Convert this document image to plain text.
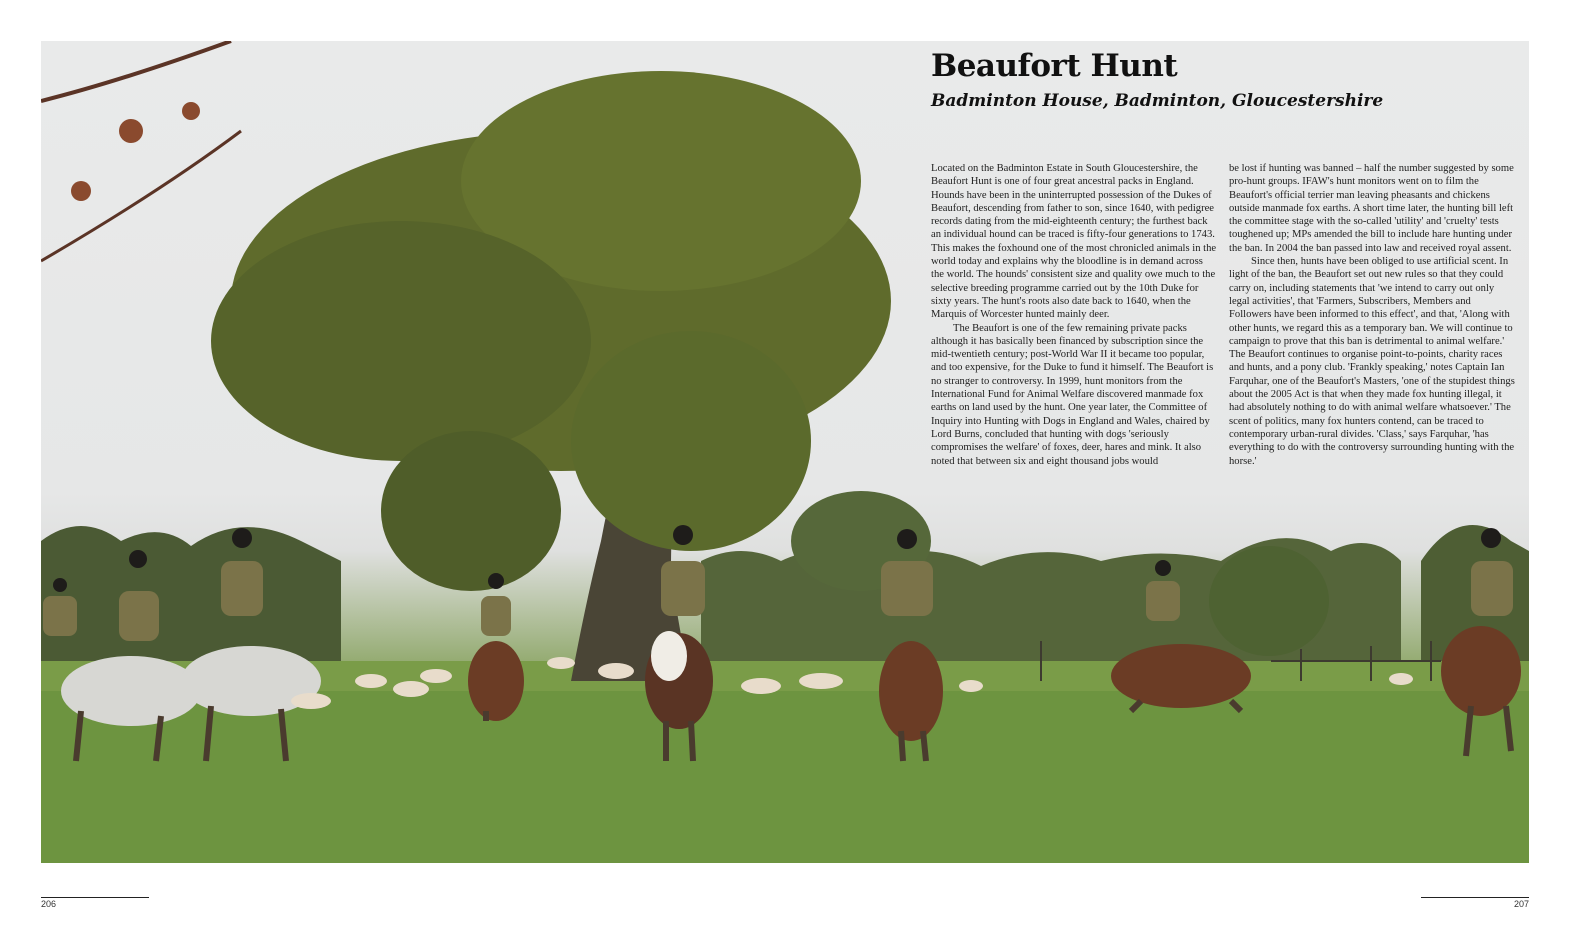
Beaufort Hunt
Badminton House, Badminton, Gloucestershire

Located on the Badminton Estate in South Gloucestershire, the Beaufort Hunt is one of four great ancestral packs in England. Hounds have been in the uninterrupted possession of the Dukes of Beaufort, descending from father to son, since 1640, with pedigree records dating from the mid-eighteenth century; the furthest back an individual hound can be traced is fifty-four generations to 1743. This makes the foxhound one of the most chronicled animals in the world today and explains why the bloodline is in demand across the world. The hounds' consistent size and quality owe much to the selective breeding programme carried out by the 10th Duke for sixty years. The hunt's roots also date back to 1640, when the Marquis of Worcester hunted mainly deer.

The Beaufort is one of the few remaining private packs although it has basically been financed by subscription since the mid-twentieth century; post-World War II it became too popular, and too expensive, for the Duke to fund it himself. The Beaufort is no stranger to controversy. In 1999, hunt monitors from the International Fund for Animal Welfare discovered manmade fox earths on land used by the hunt. One year later, the Committee of Inquiry into Hunting with Dogs in England and Wales, chaired by Lord Burns, concluded that hunting with dogs 'seriously compromises the welfare' of foxes, deer, hares and mink. It also noted that between six and eight thousand jobs would

be lost if hunting was banned – half the number suggested by some pro-hunt groups. IFAW's hunt monitors went on to film the Beaufort's official terrier man leaving pheasants and chickens outside manmade fox earths. A short time later, the hunting bill left the committee stage with the so-called 'utility' and 'cruelty' tests toughened up; MPs amended the bill to include hare hunting under the ban. In 2004 the ban passed into law and received royal assent.

Since then, hunts have been obliged to use artificial scent. In light of the ban, the Beaufort set out new rules so that they could carry on, including statements that 'we intend to carry out only legal activities', that 'Farmers, Subscribers, Members and Followers have been informed to this effect', and that, 'Along with other hunts, we regard this as a temporary ban. We will continue to campaign to prove that this ban is detrimental to animal welfare.' The Beaufort continues to organise point-to-points, charity races and hunts, and a pony club. 'Frankly speaking,' notes Captain Ian Farquhar, one of the Beaufort's Masters, 'one of the stupidest things about the 2005 Act is that when they made fox hunting illegal, it had absolutely nothing to do with animal welfare whatsoever.' The scent of politics, many fox hunters contend, can be traced to contemporary urban-rural divides. 'Class,' says Farquhar, 'has everything to do with the controversy surrounding hunting with the horse.'

206	207
